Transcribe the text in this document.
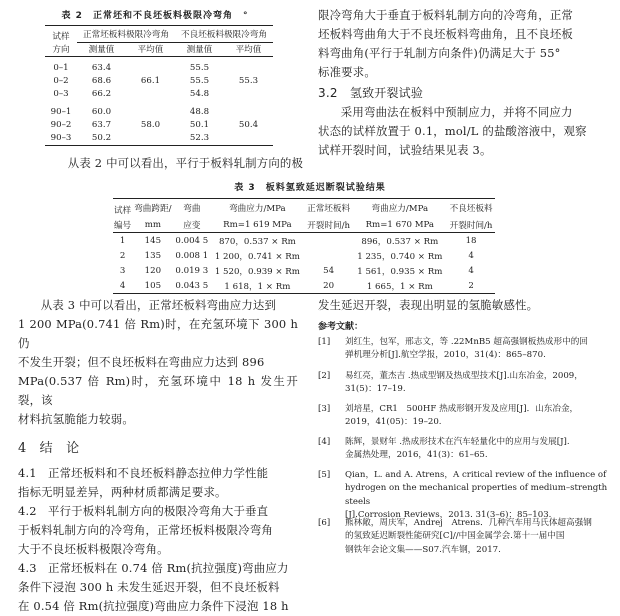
表 2　正常坯和不良坯板料极限冷弯角　°
试样	正常坯板料极限冷弯角		不良坯板料极限冷弯角	
方向	测量值	平均值	测量值	平均值

0–1	63.4		55.5	
0–2	68.6	66.1	55.5	55.3
0–3	66.2		54.8	

90–1	60.0		48.8	
90–2	63.7	58.0	50.1	50.4
90–3	50.2		52.3	

从表 2 中可以看出，平行于板料轧制方向的极

限冷弯角大于垂直于板料轧制方向的冷弯角，正常

坯板料弯曲角大于不良坯板料弯曲角，且不良坯板

料弯曲角(平行于轧制方向条件)仍满足大于 55°

标准要求。

3.2　氢致开裂试验

采用弯曲法在板料中预制应力，并将不同应力

状态的试样放置于 0.1，mol/L 的盐酸溶液中，观察

试样开裂时间，试验结果见表 3。

表 3　板料氢致延迟断裂试验结果
试样	弯曲跨距/	弯曲	弯曲应力/MPa	正常坯板料	弯曲应力/MPa	不良坯板料
编号	mm	应变	Rm=1 619 MPa	开裂时间/h	Rm=1 670 MPa	开裂时间/h
1	145	0.004 5	870，0.537 × Rm		896，0.537 × Rm	18
2	135	0.008 1	1 200，0.741 × Rm		1 235，0.740 × Rm	4
3	120	0.019 3	1 520，0.939 × Rm	54	1 561，0.935 × Rm	4
4	105	0.043 5	1 618，1 × Rm	20	1 665，1 × Rm	2

从表 3 中可以看出，正常坯板料弯曲应力达到

1 200 MPa(0.741 倍 Rm)时，在充氢环境下 300 h 仍

不发生开裂；但不良坯板料在弯曲应力达到 896

MPa(0.537 倍 Rm)时，充氢环境中 18 h 发生开裂，该

材料抗氢脆能力较弱。

4　结　论

4.1 正常坯板料和不良坯板料静态拉伸力学性能

指标无明显差异，两种材质都满足要求。

4.2 平行于板料轧制方向的极限冷弯角大于垂直

于板料轧制方向的冷弯角，正常坯板料极限冷弯角

大于不良坯板料极限冷弯角。

4.3 正常坯板料在 0.74 倍 Rm(抗拉强度)弯曲应力

条件下浸泡 300 h 未发生延迟开裂，但不良坯板料

在 0.54 倍 Rm(抗拉强度)弯曲应力条件下浸泡 18 h

发生延迟开裂，表现出明显的氢脆敏感性。

参考文献：
[1] 刘红生，包军，邢志文，等 .22MnB5 超高强钢板热成形中的回
弹机理分析[J].航空学报，2010，31(4)：865–870.
[2] 易红亮，董杰吉 .热成型钢及热成型技术[J].山东冶金，2009，
31(5)：17–19.
[3] 刘培星，CR1　500HF 热成形钢开发及应用[J]．山东冶金，
2019，41(05)：19–20.
[4] 陈辉，景财年 .热成形技术在汽车轻量化中的应用与发展[J].
金属热处理，2016，41(3)：61–65.
[5] Qian，L. and A. Atrens，A critical review of the influence of
hydrogen on the mechanical properties of medium–strength steels
[J].Corrosion Reviews，2013. 31(3–6)：85–103.
[6] 熊林敞，周庆军，Andrej　Atrens．几种汽车用马氏体超高强钢
的氢致延迟断裂性能研究[C]//中国金属学会.第十一届中国
钢铁年会论文集——S07.汽车钢，2017.
